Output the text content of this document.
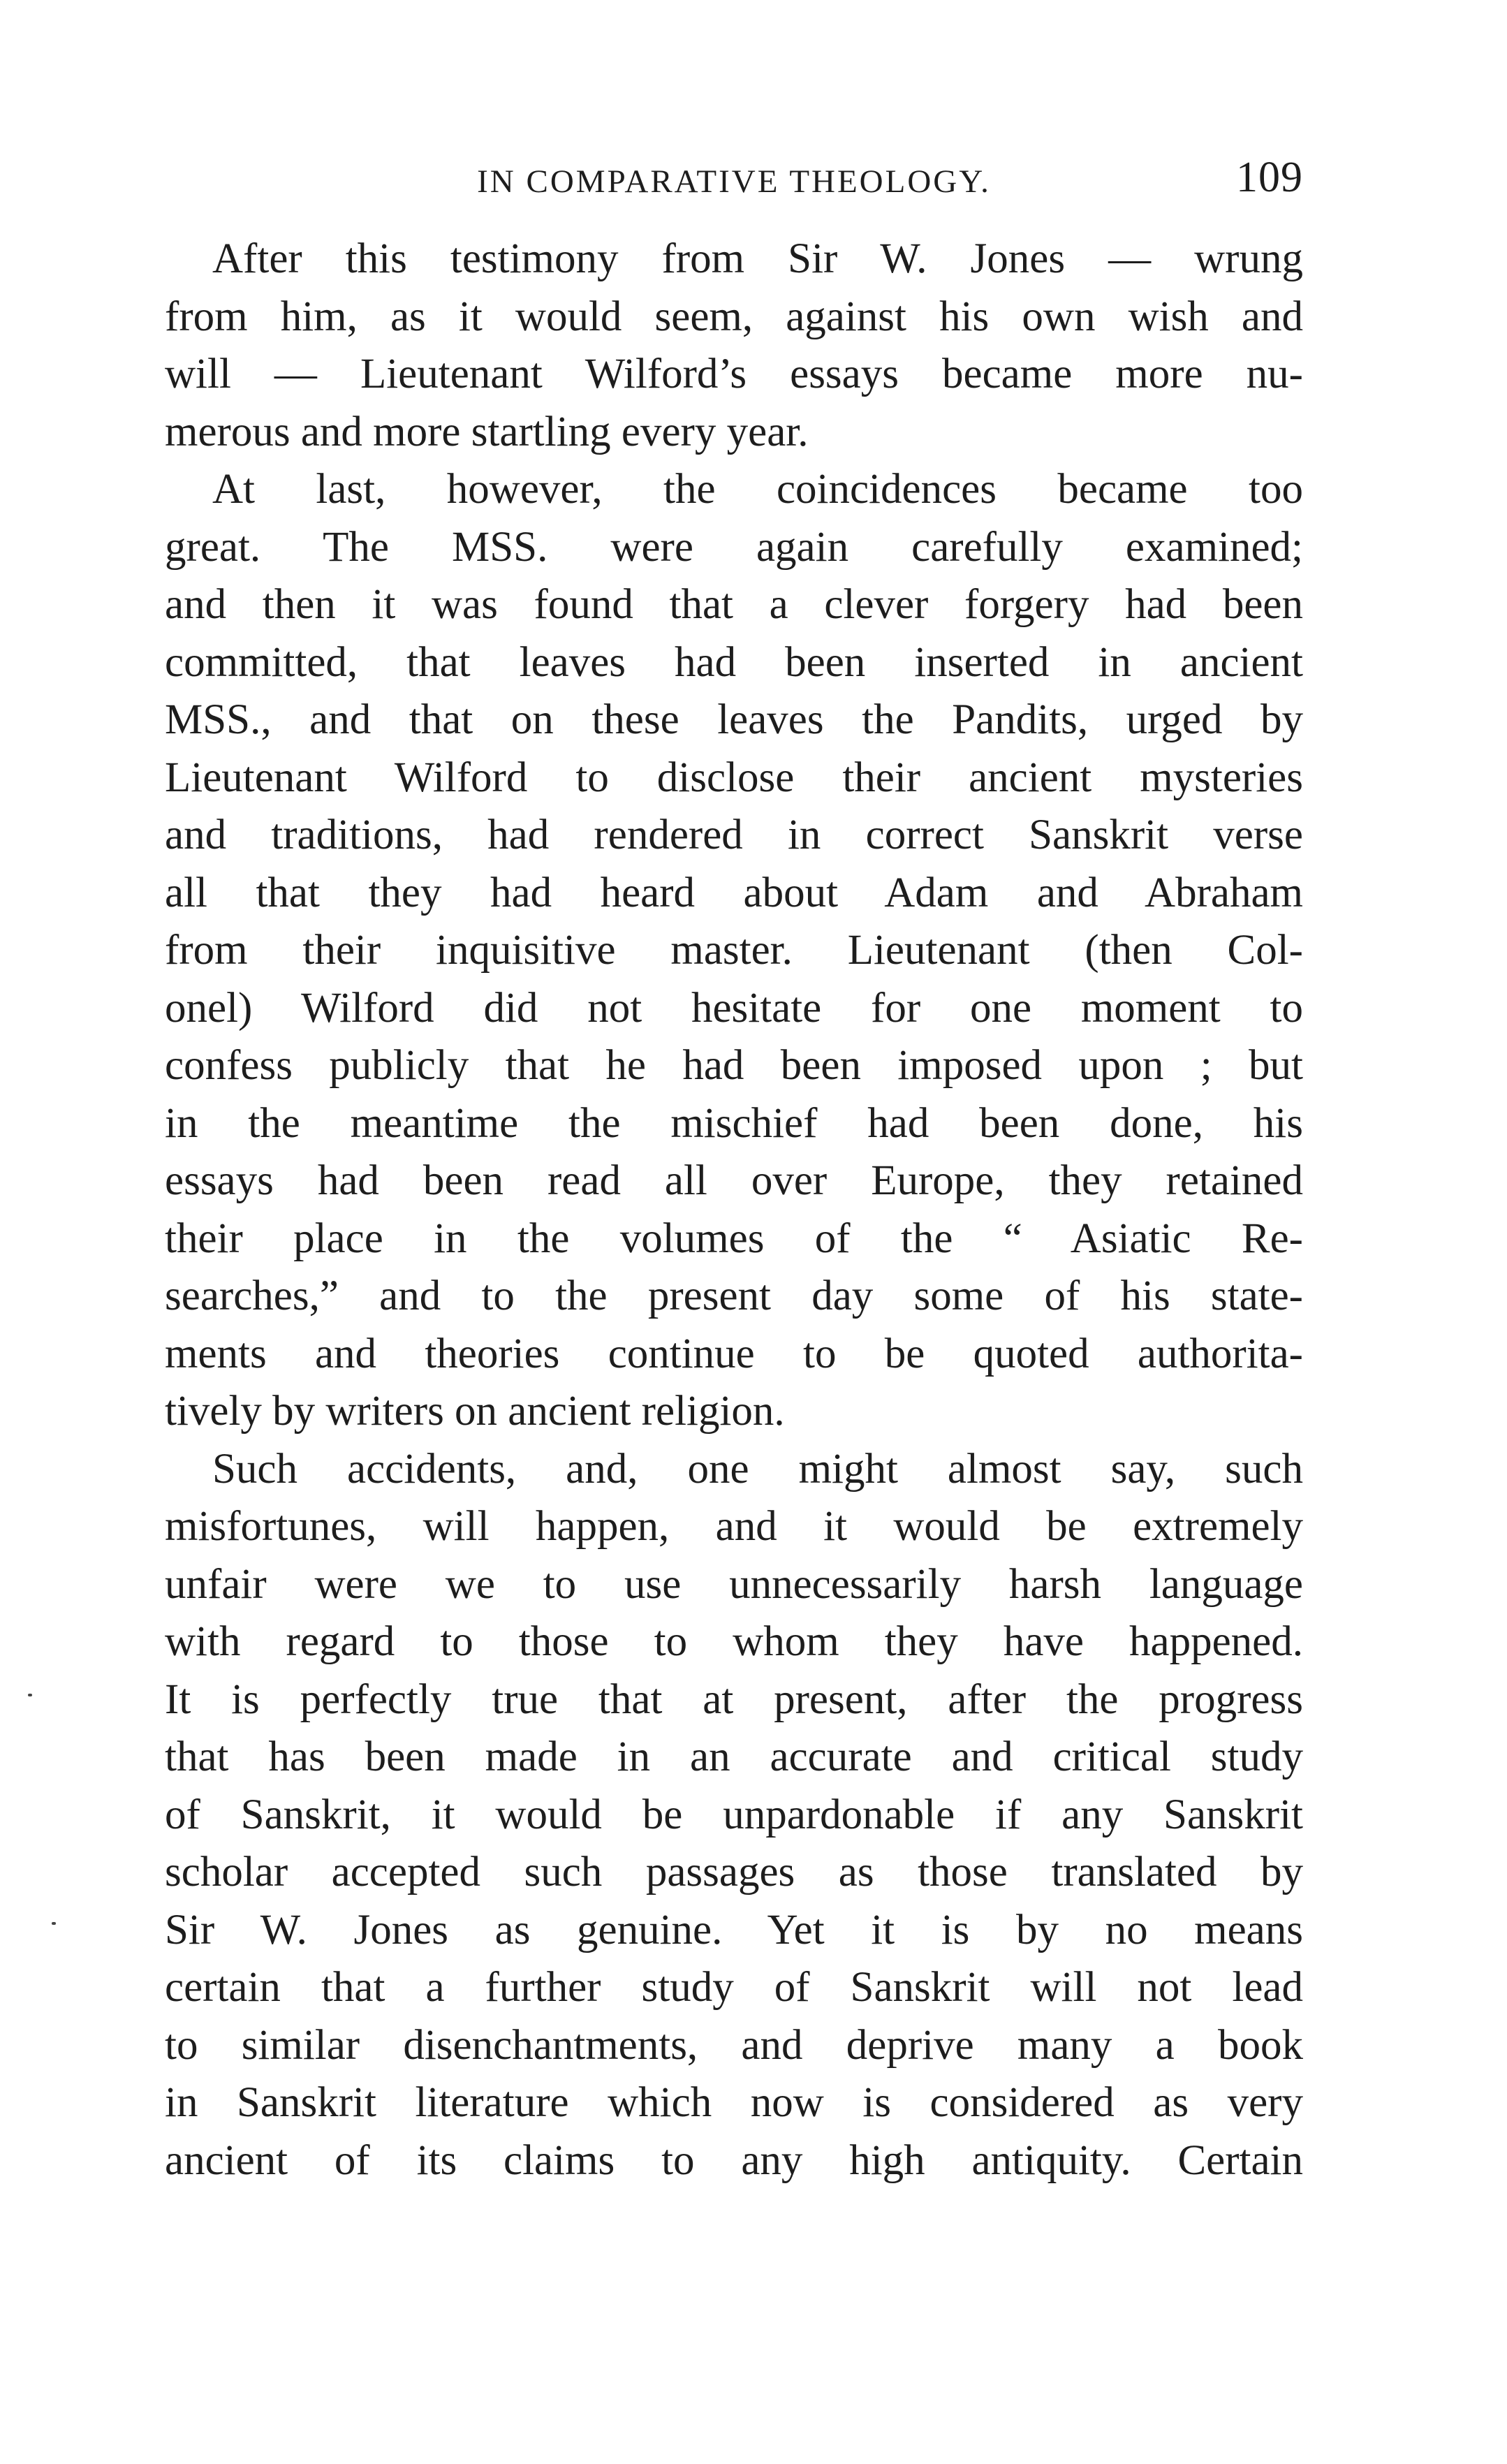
IN COMPARATIVE THEOLOGY.	109
After this testimony from Sir W. Jones — wrung
from him, as it would seem, against his own wish and
will — Lieutenant Wilford’s essays became more nu-
merous and more startling every year.
At last, however, the coincidences became too
great. The MSS. were again carefully examined;
and then it was found that a clever forgery had been
committed, that leaves had been inserted in ancient
MSS., and that on these leaves the Pandits, urged by
Lieutenant Wilford to disclose their ancient mysteries
and traditions, had rendered in correct Sanskrit verse
all that they had heard about Adam and Abraham
from their inquisitive master. Lieutenant (then Col-
onel) Wilford did not hesitate for one moment to
confess publicly that he had been imposed upon ; but
in the meantime the mischief had been done, his
essays had been read all over Europe, they retained
their place in the volumes of the “ Asiatic Re-
searches,” and to the present day some of his state-
ments and theories continue to be quoted authorita-
tively by writers on ancient religion.
Such accidents, and, one might almost say, such
misfortunes, will happen, and it would be extremely
unfair were we to use unnecessarily harsh language
with regard to those to whom they have happened.
It is perfectly true that at present, after the progress
that has been made in an accurate and critical study
of Sanskrit, it would be unpardonable if any Sanskrit
scholar accepted such passages as those translated by
Sir W. Jones as genuine. Yet it is by no means
certain that a further study of Sanskrit will not lead
to similar disenchantments, and deprive many a book
in Sanskrit literature which now is considered as very
ancient of its claims to any high antiquity. Certain
